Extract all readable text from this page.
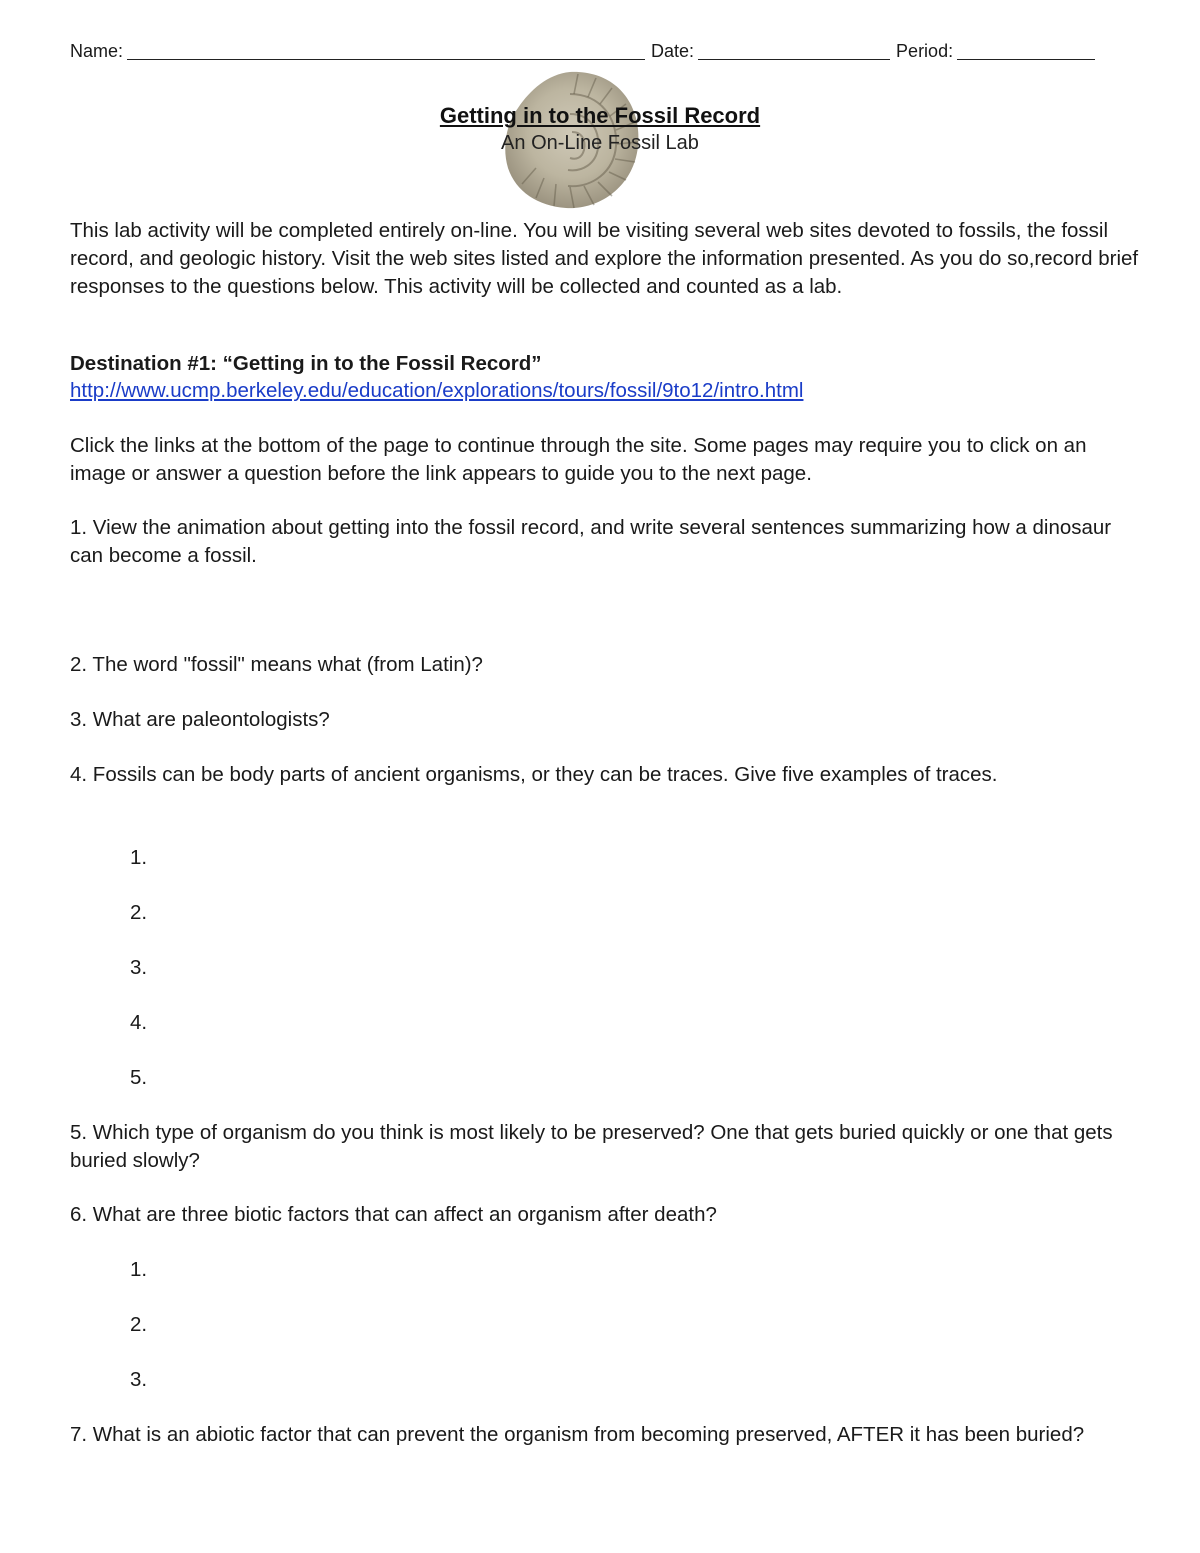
Name:	Date:	Period:
Getting in to the Fossil Record
An On-Line Fossil Lab

This lab activity will be completed entirely on-line. You will be visiting several web sites devoted to fossils, the fossil record, and geologic history. Visit the web sites listed and explore the information presented. As you do so,record brief responses to the questions below. This activity will be collected and counted as a lab.

Destination #1: “Getting in to the Fossil Record”

http://www.ucmp.berkeley.edu/education/explorations/tours/fossil/9to12/intro.html

Click the links at the bottom of the page to continue through the site. Some pages may require you to click on an image or answer a question before the link appears to guide you to the next page.

1. View the animation about getting into the fossil record, and write several sentences summarizing how a dinosaur can become a fossil.

2. The word "fossil" means what (from Latin)?

3. What are paleontologists?

4. Fossils can be body parts of ancient organisms, or they can be traces. Give five examples of traces.

1.
2.
3.
4.
5.

5. Which type of organism do you think is most likely to be preserved? One that gets buried quickly or one that gets buried slowly?

6. What are three biotic factors that can affect an organism after death?

1.
2.
3.

7. What is an abiotic factor that can prevent the organism from becoming preserved, AFTER it has been buried?
